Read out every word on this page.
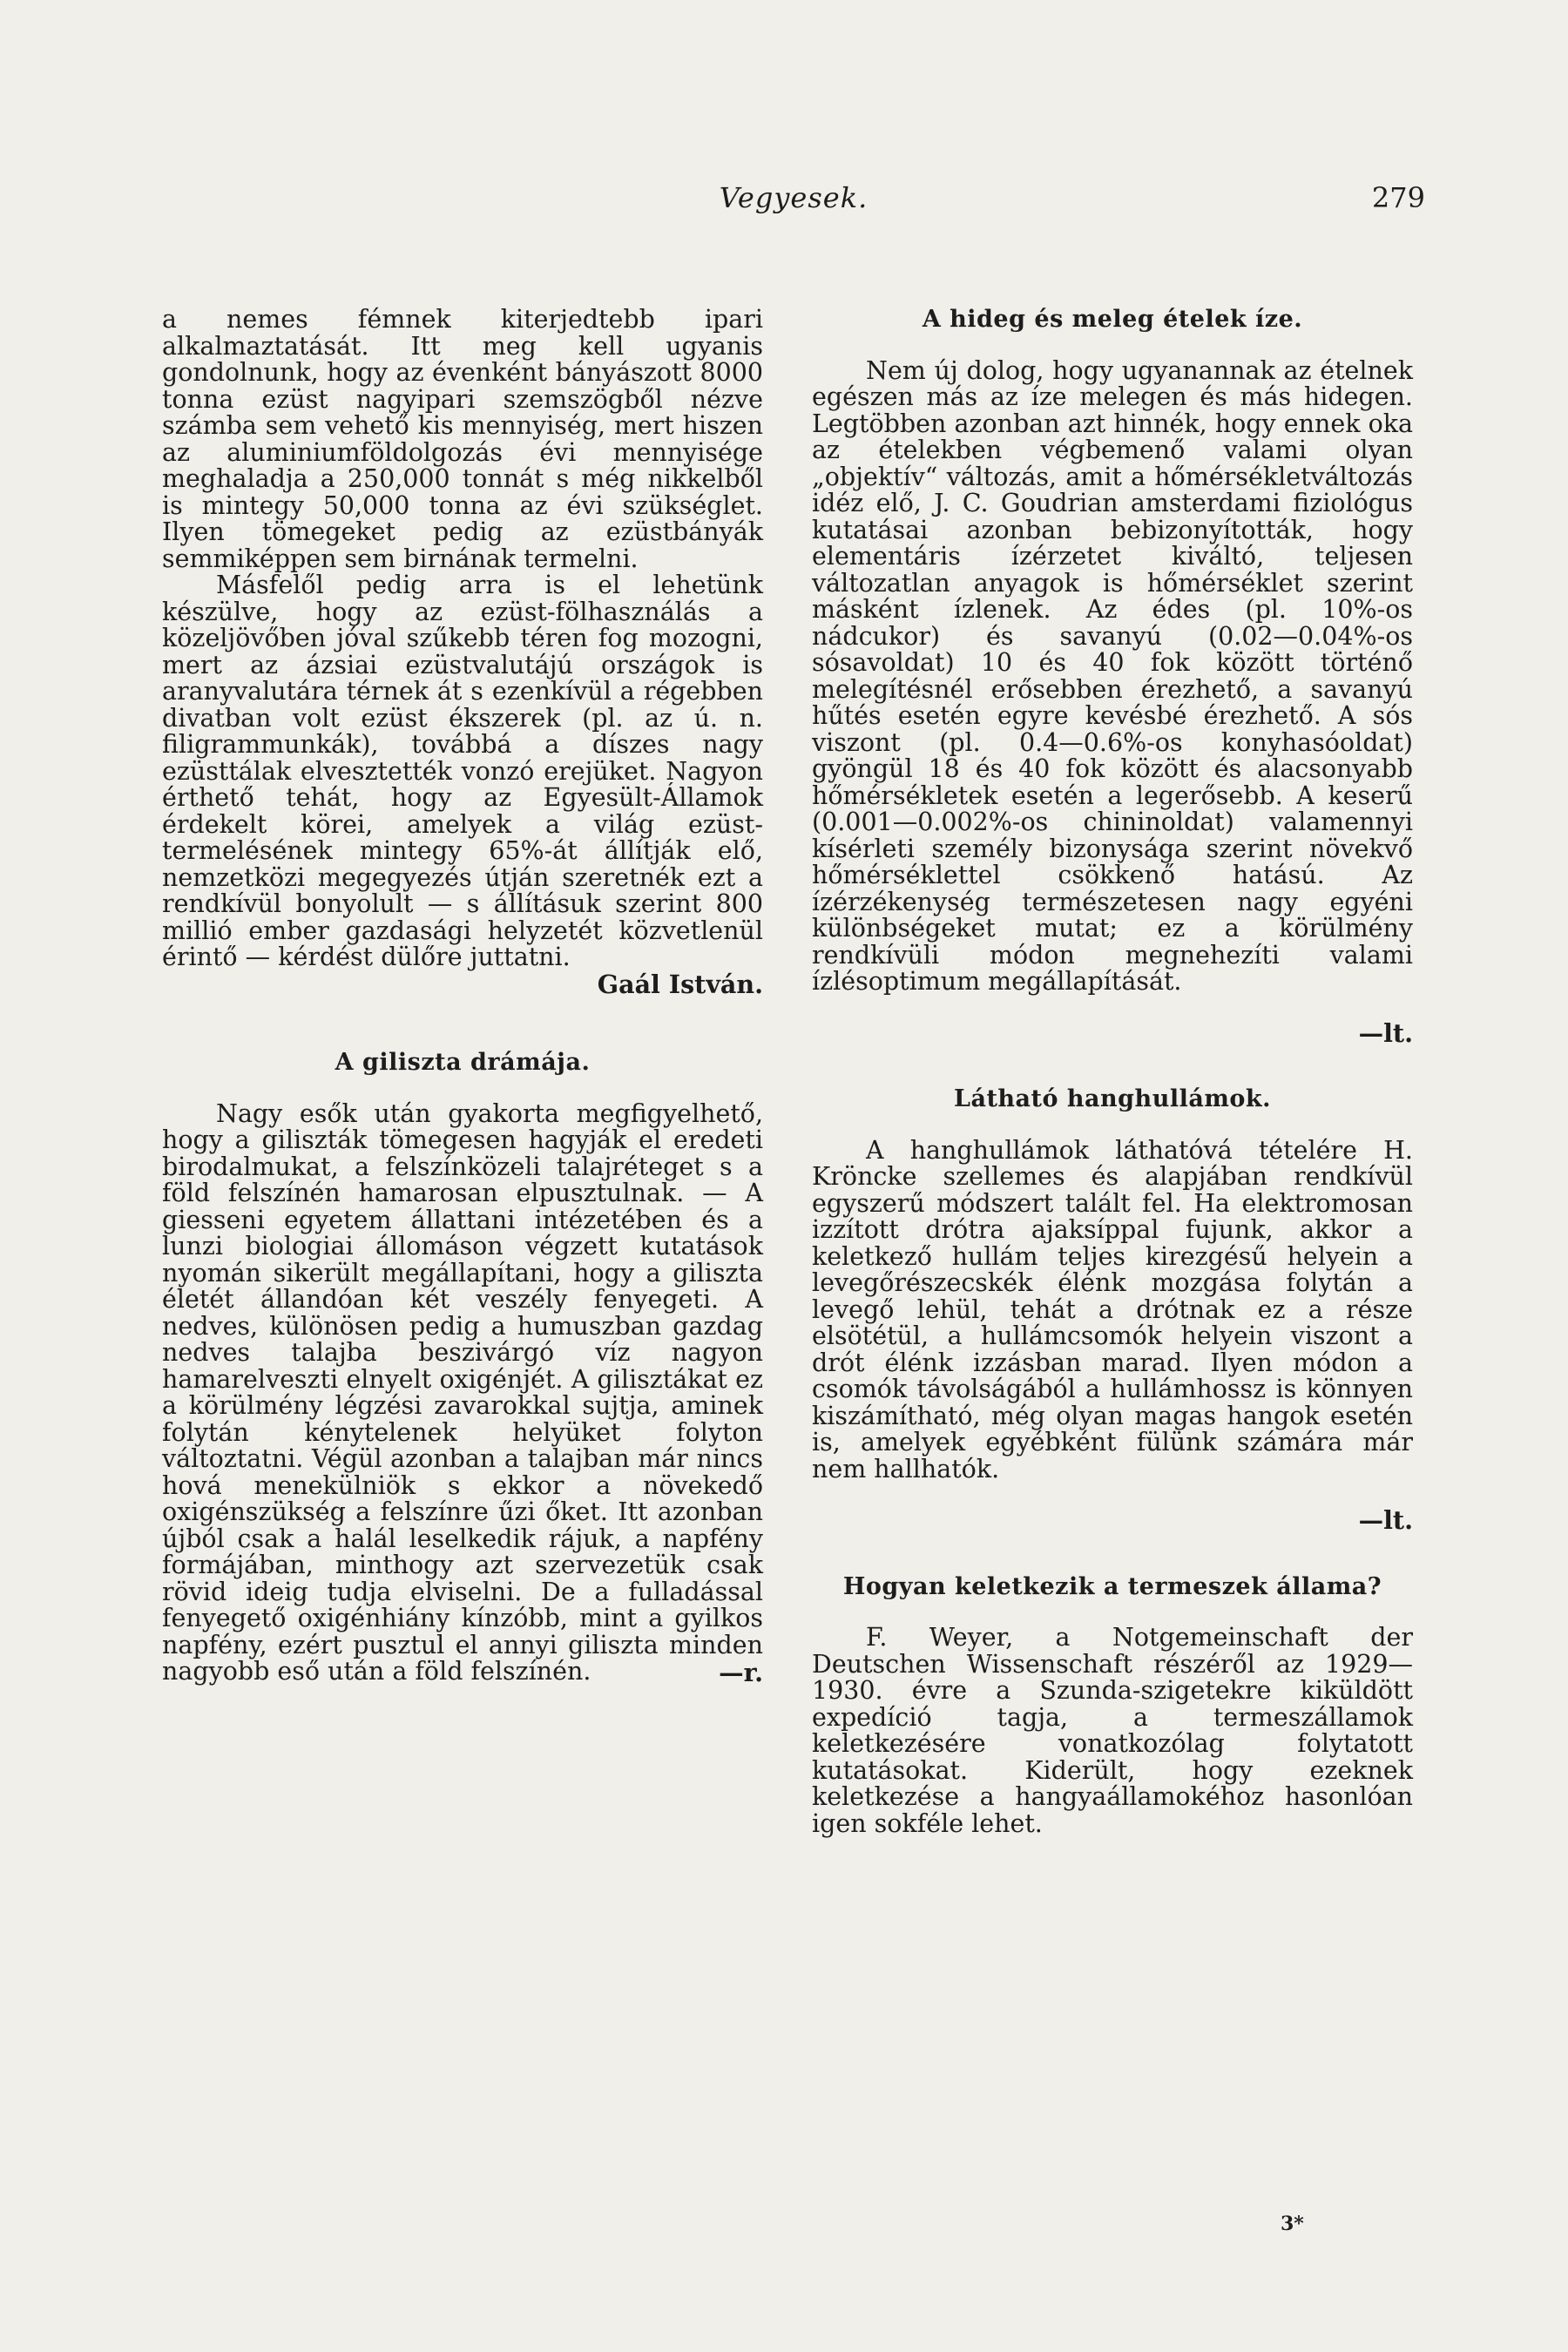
Vegyesek.	279

a nemes fémnek kiterjedtebb ipari alkalmaztatását. Itt meg kell ugyanis gondolnunk, hogy az évenként bányászott 8000 tonna ezüst nagyipari szemszögből nézve számba sem vehető kis mennyiség, mert hiszen az aluminiumföldolgozás évi mennyisége meghaladja a 250,000 tonnát s még nikkelből is mintegy 50,000 tonna az évi szükséglet. Ilyen tömegeket pedig az ezüstbányák semmiképpen sem birnának termelni.

Másfelől pedig arra is el lehetünk készülve, hogy az ezüst-fölhasználás a közeljövőben jóval szűkebb téren fog mozogni, mert az ázsiai ezüstvalutájú országok is aranyvalutára térnek át s ezenkívül a régebben divatban volt ezüst ékszerek (pl. az ú. n. filigrammunkák), továbbá a díszes nagy ezüsttálak elvesztették vonzó erejüket. Nagyon érthető tehát, hogy az Egyesült-Államok érdekelt körei, amelyek a világ ezüst-termelésének mintegy 65%-át állítják elő, nemzetközi megegyezés útján szeretnék ezt a rendkívül bonyolult — s állításuk szerint 800 millió ember gazdasági helyzetét közvetlenül érintő — kérdést dülőre juttatni.

Gaál István.
A giliszta drámája.

Nagy esők után gyakorta megfigyelhető, hogy a giliszták tömegesen hagyják el eredeti birodalmukat, a felszínközeli talajréteget s a föld felszínén hamarosan elpusztulnak. — A giesseni egyetem állattani intézetében és a lunzi biologiai állomáson végzett kutatások nyomán sikerült megállapítani, hogy a giliszta életét állandóan két veszély fenyegeti. A nedves, különösen pedig a humuszban gazdag nedves talajba beszivárgó víz nagyon hamarelveszti elnyelt oxigénjét. A gilisztákat ez a körülmény légzési zavarokkal sujtja, aminek folytán kénytelenek helyüket folyton változtatni. Végül azonban a talajban már nincs hová menekülniök s ekkor a növekedő oxigénszükség a felszínre űzi őket. Itt azonban újból csak a halál leselkedik rájuk, a napfény formájában, minthogy azt szervezetük csak rövid ideig tudja elviselni. De a fulladással fenyegető oxigénhiány kínzóbb, mint a gyilkos napfény, ezért pusztul el annyi giliszta minden nagyobb eső után a föld felszínén.	—r.
A hideg és meleg ételek íze.

Nem új dolog, hogy ugyanannak az ételnek egészen más az íze melegen és más hidegen. Legtöbben azonban azt hinnék, hogy ennek oka az ételekben végbemenő valami olyan „objektív“ változás, amit a hőmérsékletváltozás idéz elő, J. C. Goudrian amsterdami fiziológus kutatásai azonban bebizonyították, hogy elementáris ízérzetet kiváltó, teljesen változatlan anyagok is hőmérséklet szerint másként ízlenek. Az édes (pl. 10%-os nádcukor) és savanyú (0.02—0.04%-os sósavoldat) 10 és 40 fok között történő melegítésnél erősebben érezhető, a savanyú hűtés esetén egyre kevésbé érezhető. A sós viszont (pl. 0.4—0.6%-os konyhasóoldat) gyöngül 18 és 40 fok között és alacsonyabb hőmérsékletek esetén a legerősebb. A keserű (0.001—0.002%-os chininoldat) valamennyi kísérleti személy bizonysága szerint növekvő hőmérséklettel csökkenő hatású. Az ízérzékenység természetesen nagy egyéni különbségeket mutat; ez a körülmény rendkívüli módon megnehezíti valami ízlésoptimum megállapítását.

—lt.
Látható hanghullámok.

A hanghullámok láthatóvá tételére H. Kröncke szellemes és alapjában rendkívül egyszerű módszert talált fel. Ha elektromosan izzított drótra ajaksíppal fujunk, akkor a keletkező hullám teljes kirezgésű helyein a levegőrészecskék élénk mozgása folytán a levegő lehül, tehát a drótnak ez a része elsötétül, a hullámcsomók helyein viszont a drót élénk izzásban marad. Ilyen módon a csomók távolságából a hullámhossz is könnyen kiszámítható, még olyan magas hangok esetén is, amelyek egyébként fülünk számára már nem hallhatók.

—lt.
Hogyan keletkezik a termeszek állama?

F. Weyer, a Notgemeinschaft der Deutschen Wissenschaft részéről az 1929—1930. évre a Szunda-szigetekre kiküldött expedíció tagja, a termeszállamok keletkezésére vonatkozólag folytatott kutatásokat. Kiderült, hogy ezeknek keletkezése a hangyaállamokéhoz hasonlóan igen sokféle lehet.

3*
